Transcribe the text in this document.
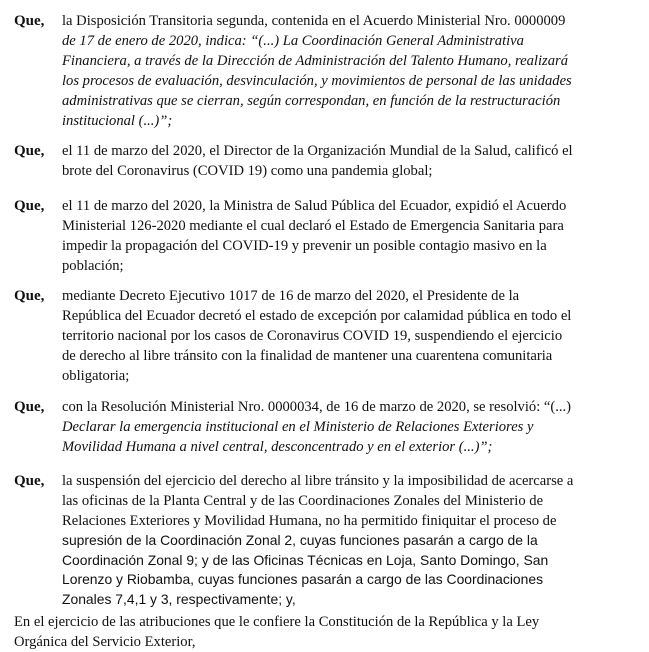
Que, la Disposición Transitoria segunda, contenida en el Acuerdo Ministerial Nro. 0000009

de 17 de enero de 2020, indica: “(...) La Coordinación General Administrativa

Financiera, a través de la Dirección de Administración del Talento Humano, realizará

los procesos de evaluación, desvinculación, y movimientos de personal de las unidades

administrativas que se cierran, según correspondan, en función de la restructuración

institucional (...)”;

Que, el 11 de marzo del 2020, el Director de la Organización Mundial de la Salud, calificó el

brote del Coronavirus (COVID 19) como una pandemia global;

Que, el 11 de marzo del 2020, la Ministra de Salud Pública del Ecuador, expidió el Acuerdo

Ministerial 126-2020 mediante el cual declaró el Estado de Emergencia Sanitaria para

impedir la propagación del COVID-19 y prevenir un posible contagio masivo en la

población;

Que, mediante Decreto Ejecutivo 1017 de 16 de marzo del 2020, el Presidente de la

República del Ecuador decretó el estado de excepción por calamidad pública en todo el

territorio nacional por los casos de Coronavirus COVID 19, suspendiendo el ejercicio

de derecho al libre tránsito con la finalidad de mantener una cuarentena comunitaria

obligatoria;

Que, con la Resolución Ministerial Nro. 0000034, de 16 de marzo de 2020, se resolvió: “(...)

Declarar la emergencia institucional en el Ministerio de Relaciones Exteriores y

Movilidad Humana a nivel central, desconcentrado y en el exterior (...)”;

Que, la suspensión del ejercicio del derecho al libre tránsito y la imposibilidad de acercarse a

las oficinas de la Planta Central y de las Coordinaciones Zonales del Ministerio de

Relaciones Exteriores y Movilidad Humana, no ha permitido finiquitar el proceso de

supresión de la Coordinación Zonal 2, cuyas funciones pasarán a cargo de la

Coordinación Zonal 9; y de las Oficinas Técnicas en Loja, Santo Domingo, San

Lorenzo y Riobamba, cuyas funciones pasarán a cargo de las Coordinaciones

Zonales 7,4,1 y 3, respectivamente; y,

En el ejercicio de las atribuciones que le confiere la Constitución de la República y la Ley

Orgánica del Servicio Exterior,
